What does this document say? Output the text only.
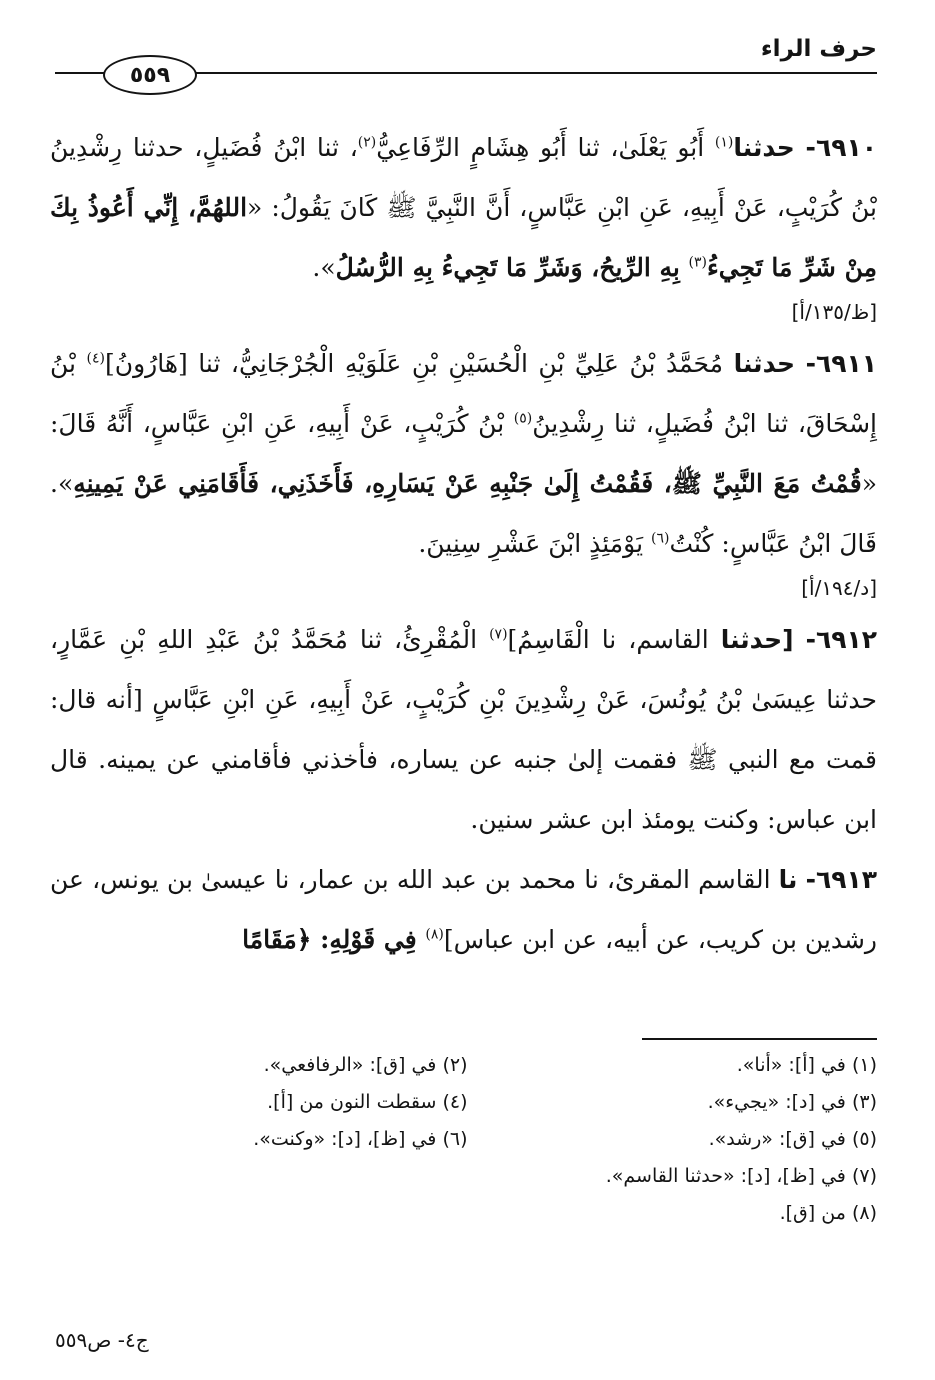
حرف الراء
٥٥٩

٦٩١٠- حدثنا$^{(١)}$ أَبُو يَعْلَىٰ، ثنا أَبُو هِشَامٍ الرِّفَاعِيُّ$^{(٢)}$، ثنا ابْنُ فُضَيلٍ، حدثنا رِشْدِينُ بْنُ كُرَيْبٍ، عَنْ أَبِيهِ، عَنِ ابْنِ عَبَّاسٍ، أَنَّ النَّبِيَّ ﷺ كَانَ يَقُولُ: «اللهُمَّ، إِنِّي أَعُوذُ بِكَ مِنْ شَرِّ مَا تَجِيءُ$^{(٣)}$ بِهِ الرِّيحُ، وَشَرِّ مَا تَجِيءُ بِهِ الرُّسُلُ».

[ظ/١٣٥/أ]

٦٩١١- حدثنا مُحَمَّدُ بْنُ عَلِيِّ بْنِ الْحُسَيْنِ بْنِ عَلَوَيْهِ الْجُرْجَانِيُّ، ثنا [هَارُونُ]$^{(٤)}$ بْنُ إِسْحَاقَ، ثنا ابْنُ فُضَيلٍ، ثنا رِشْدِينُ$^{(٥)}$ بْنُ كُرَيْبٍ، عَنْ أَبِيهِ، عَنِ ابْنِ عَبَّاسٍ، أَنَّهُ قَالَ: «قُمْتُ مَعَ النَّبِيِّ ﷺ، فَقُمْتُ إِلَىٰ جَنْبِهِ عَنْ يَسَارِهِ، فَأَخَذَنِي، فَأَقَامَنِي عَنْ يَمِينِهِ». قَالَ ابْنُ عَبَّاسٍ: كُنْتُ$^{(٦)}$ يَوْمَئِذٍ ابْنَ عَشْرِ سِنِينَ.

[د/١٩٤/أ]

٦٩١٢- [حدثنا القاسم، نا الْقَاسِمُ]$^{(٧)}$ الْمُقْرِئُ، ثنا مُحَمَّدُ بْنُ عَبْدِ اللهِ بْنِ عَمَّارٍ، حدثنا عِيسَىٰ بْنُ يُونُسَ، عَنْ رِشْدِينَ بْنِ كُرَيْبٍ، عَنْ أَبِيهِ، عَنِ ابْنِ عَبَّاسٍ [أنه قال: قمت مع النبي ﷺ فقمت إلىٰ جنبه عن يساره، فأخذني فأقامني عن يمينه. قال ابن عباس: وكنت يومئذ ابن عشر سنين.

٦٩١٣- نا القاسم المقرئ، نا محمد بن عبد الله بن عمار، نا عيسىٰ بن يونس، عن رشدين بن كريب، عن أبيه، عن ابن عباس]$^{(٨)}$ فِي قَوْلِهِ: ﴿مَقَامًا

(١) في [أ]: «أنا».
(٢) في [ق]: «الرفافعي».
(٣) في [د]: «يجيء».
(٤) سقطت النون من [أ].
(٥) في [ق]: «رشد».
(٦) في [ظ]، [د]: «وكنت».
(٧) في [ظ]، [د]: «حدثنا القاسم».
(٨) من [ق].
ج٤- ص٥٥٩
